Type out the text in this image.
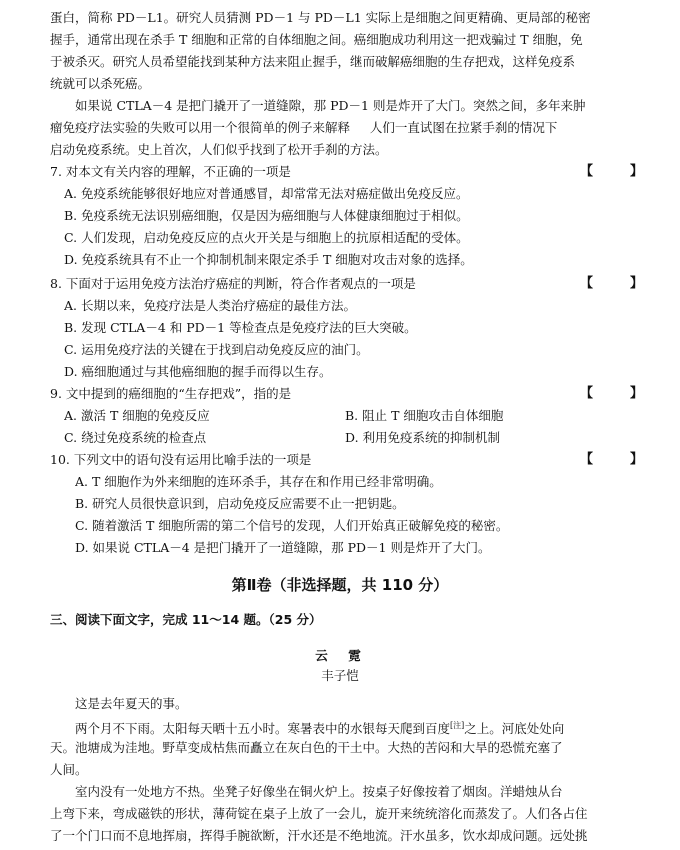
蛋白，简称 PD－L1。研究人员猜测 PD－1 与 PD－L1 实际上是细胞之间更精确、更局部的秘密
握手，通常出现在杀手 T 细胞和正常的自体细胞之间。癌细胞成功利用这一把戏骗过 T 细胞，免
于被杀灭。研究人员希望能找到某种方法来阻止握手，继而破解癌细胞的生存把戏，这样免疫系
统就可以杀死癌。
如果说 CTLA－4 是把门撬开了一道缝隙，那 PD－1 则是炸开了大门。突然之间，多年来肿
瘤免疫疗法实验的失败可以用一个很简单的例子来解释     人们一直试图在拉紧手刹的情况下
启动免疫系统。史上首次，人们似乎找到了松开手刹的方法。
7. 对本文有关内容的理解，不正确的一项是	【　】
A. 免疫系统能够很好地应对普通感冒，却常常无法对癌症做出免疫反应。
B. 免疫系统无法识别癌细胞，仅是因为癌细胞与人体健康细胞过于相似。
C. 人们发现，启动免疫反应的点火开关是与细胞上的抗原相适配的受体。
D. 免疫系统具有不止一个抑制机制来限定杀手 T 细胞对攻击对象的选择。
8. 下面对于运用免疫方法治疗癌症的判断，符合作者观点的一项是	【　】
A. 长期以来，免疫疗法是人类治疗癌症的最佳方法。
B. 发现 CTLA－4 和 PD－1 等检查点是免疫疗法的巨大突破。
C. 运用免疫疗法的关键在于找到启动免疫反应的油门。
D. 癌细胞通过与其他癌细胞的握手而得以生存。
9. 文中提到的癌细胞的“生存把戏”，指的是	【　】
A. 激活 T 细胞的免疫反应	B. 阻止 T 细胞攻击自体细胞
C. 绕过免疫系统的检查点	D. 利用免疫系统的抑制机制
10. 下列文中的语句没有运用比喻手法的一项是	【　】
A. T 细胞作为外来细胞的连环杀手，其存在和作用已经非常明确。
B. 研究人员很快意识到，启动免疫反应需要不止一把钥匙。
C. 随着激活 T 细胞所需的第二个信号的发现，人们开始真正破解免疫的秘密。
D. 如果说 CTLA－4 是把门撬开了一道缝隙，那 PD－1 则是炸开了大门。
第Ⅱ卷（非选择题，共 110 分）
三、阅读下面文字，完成 11～14 题。（25 分）
云　霓
丰子恺
这是去年夏天的事。
两个月不下雨。太阳每天晒十五小时。寒暑表中的水银每天爬到百度[注]之上。河底处处向
天。池塘成为洼地。野草变成枯焦而矗立在灰白色的干土中。大热的苦闷和大旱的恐慌充塞了
人间。
室内没有一处地方不热。坐凳子好像坐在铜火炉上。按桌子好像按着了烟囱。洋蜡烛从台
上弯下来，弯成磁铁的形状，薄荷锭在桌子上放了一会儿，旋开来统统溶化而蒸发了。人们各占住
了一个门口而不息地挥扇，挥得手腕欲断，汗水还是不绝地流。汗水虽多，饮水却成问题。远处挑
